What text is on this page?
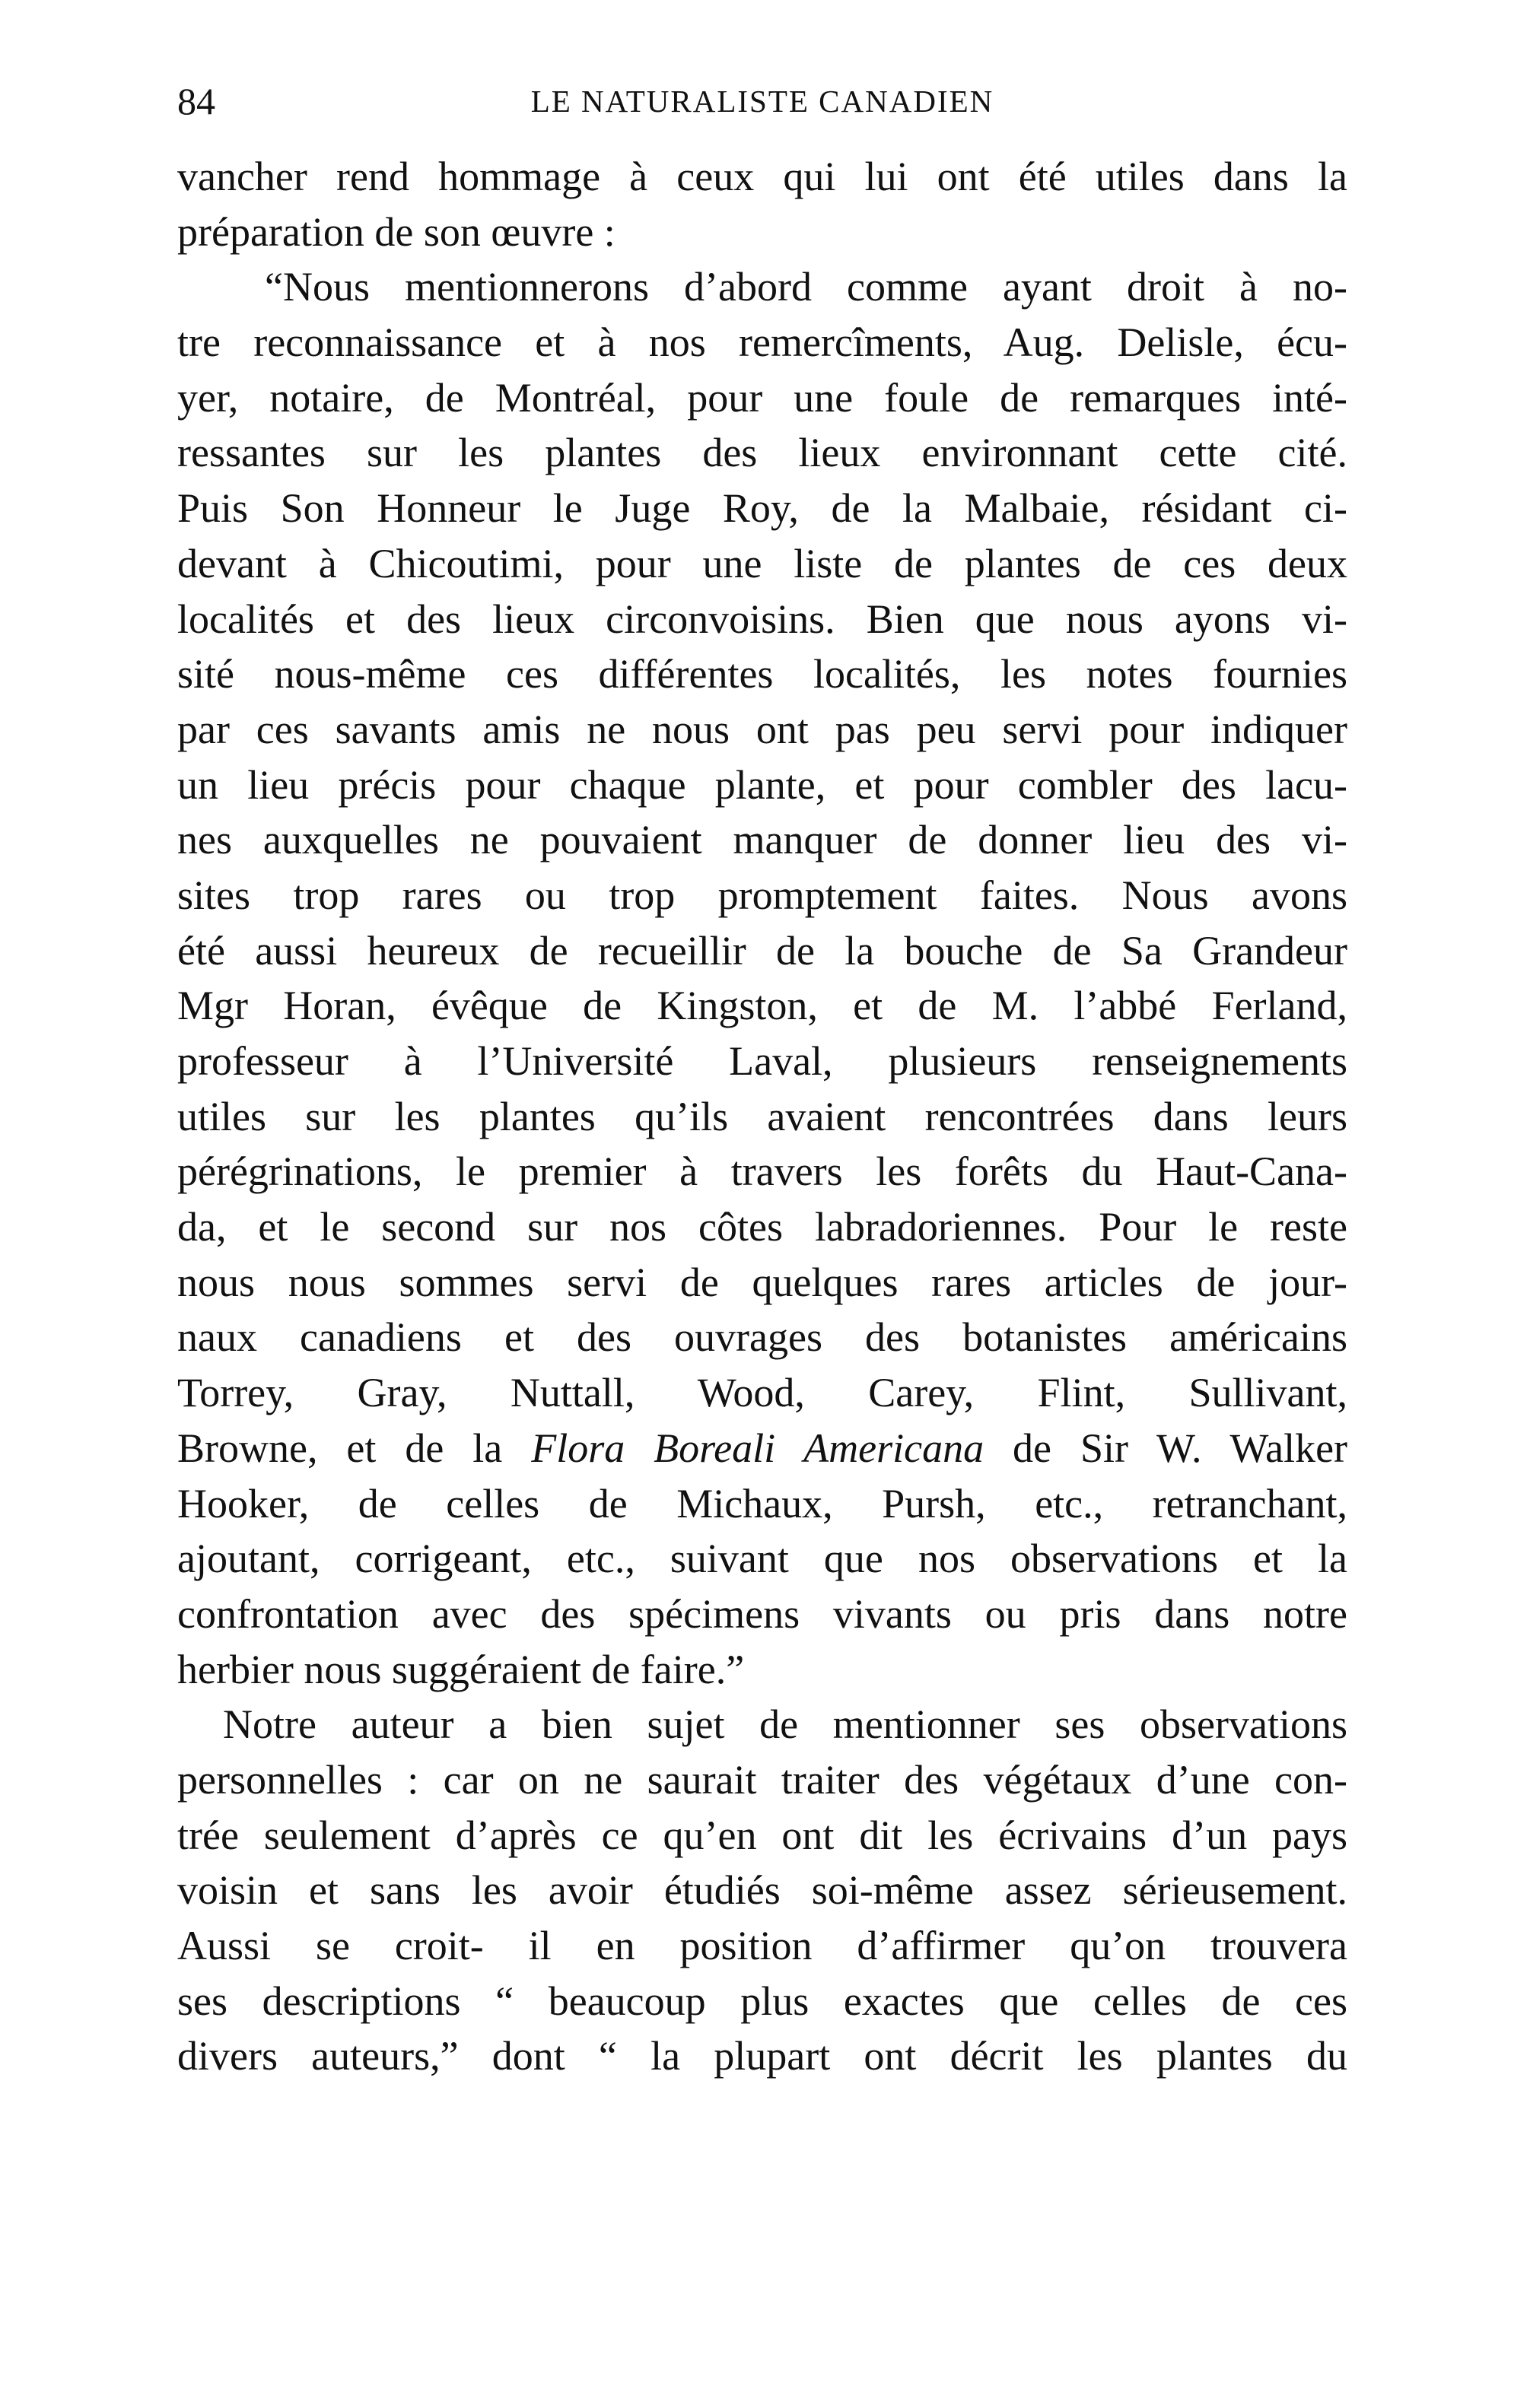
84	LE NATURALISTE CANADIEN
vancher rend hommage à ceux qui lui ont été utiles dans la
préparation de son œuvre :
“Nous mentionnerons d’abord comme ayant droit à no-
tre reconnaissance et à nos remercîments, Aug. Delisle, écu-
yer, notaire, de Montréal, pour une foule de remarques inté-
ressantes sur les plantes des lieux environnant cette cité.
Puis Son Honneur le Juge Roy, de la Malbaie, résidant ci-
devant à Chicoutimi, pour une liste de plantes de ces deux
localités et des lieux circonvoisins. Bien que nous ayons vi-
sité nous-même ces différentes localités, les notes fournies
par ces savants amis ne nous ont pas peu servi pour indiquer
un lieu précis pour chaque plante, et pour combler des lacu-
nes auxquelles ne pouvaient manquer de donner lieu des vi-
sites trop rares ou trop promptement faites. Nous avons
été aussi heureux de recueillir de la bouche de Sa Grandeur
Mgr Horan, évêque de Kingston, et de M. l’abbé Ferland,
professeur à l’Université Laval, plusieurs renseignements
utiles sur les plantes qu’ils avaient rencontrées dans leurs
pérégrinations, le premier à travers les forêts du Haut-Cana-
da, et le second sur nos côtes labradoriennes. Pour le reste
nous nous sommes servi de quelques rares articles de jour-
naux canadiens et des ouvrages des botanistes américains
Torrey, Gray, Nuttall, Wood, Carey, Flint, Sullivant,
Browne, et de la Flora Boreali Americana de Sir W. Walker
Hooker, de celles de Michaux, Pursh, etc., retranchant,
ajoutant, corrigeant, etc., suivant que nos observations et la
confrontation avec des spécimens vivants ou pris dans notre
herbier nous suggéraient de faire.”
Notre auteur a bien sujet de mentionner ses observations
personnelles : car on ne saurait traiter des végétaux d’une con-
trée seulement d’après ce qu’en ont dit les écrivains d’un pays
voisin et sans les avoir étudiés soi-même assez sérieusement.
Aussi se croit- il en position d’affirmer qu’on trouvera
ses descriptions “ beaucoup plus exactes que celles de ces
divers auteurs,” dont “ la plupart ont décrit les plantes du
